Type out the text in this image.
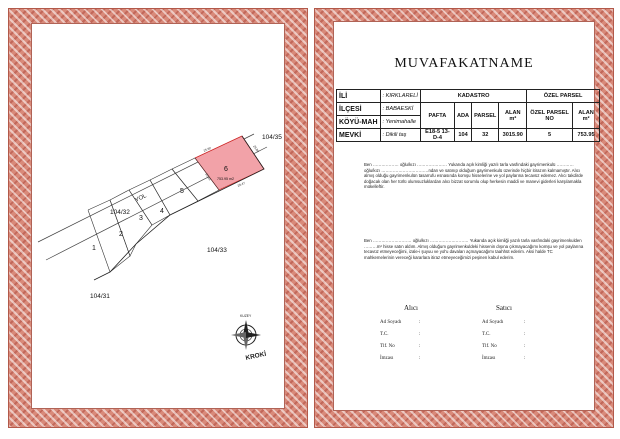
YOL
1
2
3
4
5
6
753.95 m2
25.80	29.80
28.47
33.93
104/35
104/32
104/33
104/31
KUZEY
KROKİ
MUVAFAKATNAME
İLİ	: KIRKLARELİ	KADASTRO				ÖZEL PARSEL	
İLÇESİ	: BABAESKİ	PAFTA	ADA	PARSEL	ALAN m²	ÖZEL PARSEL NO	ALAN m²
KÖYÜ-MAH	: Yenimahalle						
MEVKİ	: Dikili taş	E18-5 13-D-4	104	32	3015.90	5	753.95
Ben ……………… oğlu/kızı ………………… Yukarıda açık kimliği yazılı tarla vasfındaki gayrimenkulü ………… oğlu/kızı ……………………………ndan ve satınıp olduğum gayrimenkulü üzerinde hiçbir itirazım kalmamıştır. Alıcı almış olduğu gayrimenkulün tasarrufu esnasında komşu hisselerine ve yol paylarına tecavüz edemez. Alıcı takdirde doğacak olan her türlü olumsuzluklardan alıcı bizzat sorumlu olup herkesin maddi ve manevi giderleri karşılamakla mükelleftir.
Ben ……………………… oğlu/kızı ……………………… Yukarıda açık kimliği yazılı tarla vasfındaki gayrimenkulden ………m² hisse satın aldım. Almış olduğum gayrimenkuldeki hissenin dışına çıkmayacağımı komşu ve yol paylarına tecavüz etmeyeceğimi, izale-i şuyuu ve yol'u davaları açmayacağımı taahhüt ederim. Aksi halde TC mahkemelerinin vereceği kararlara itiraz etmeyeceğimizi peşinen kabul ederim.
Alıcı	Satıcı
Ad Soyadı	:
T.C.	:
Tlf. No	:
İmzası	:
Ad Soyadı	:
T.C.	:
Tlf. No	:
İmzası	:
